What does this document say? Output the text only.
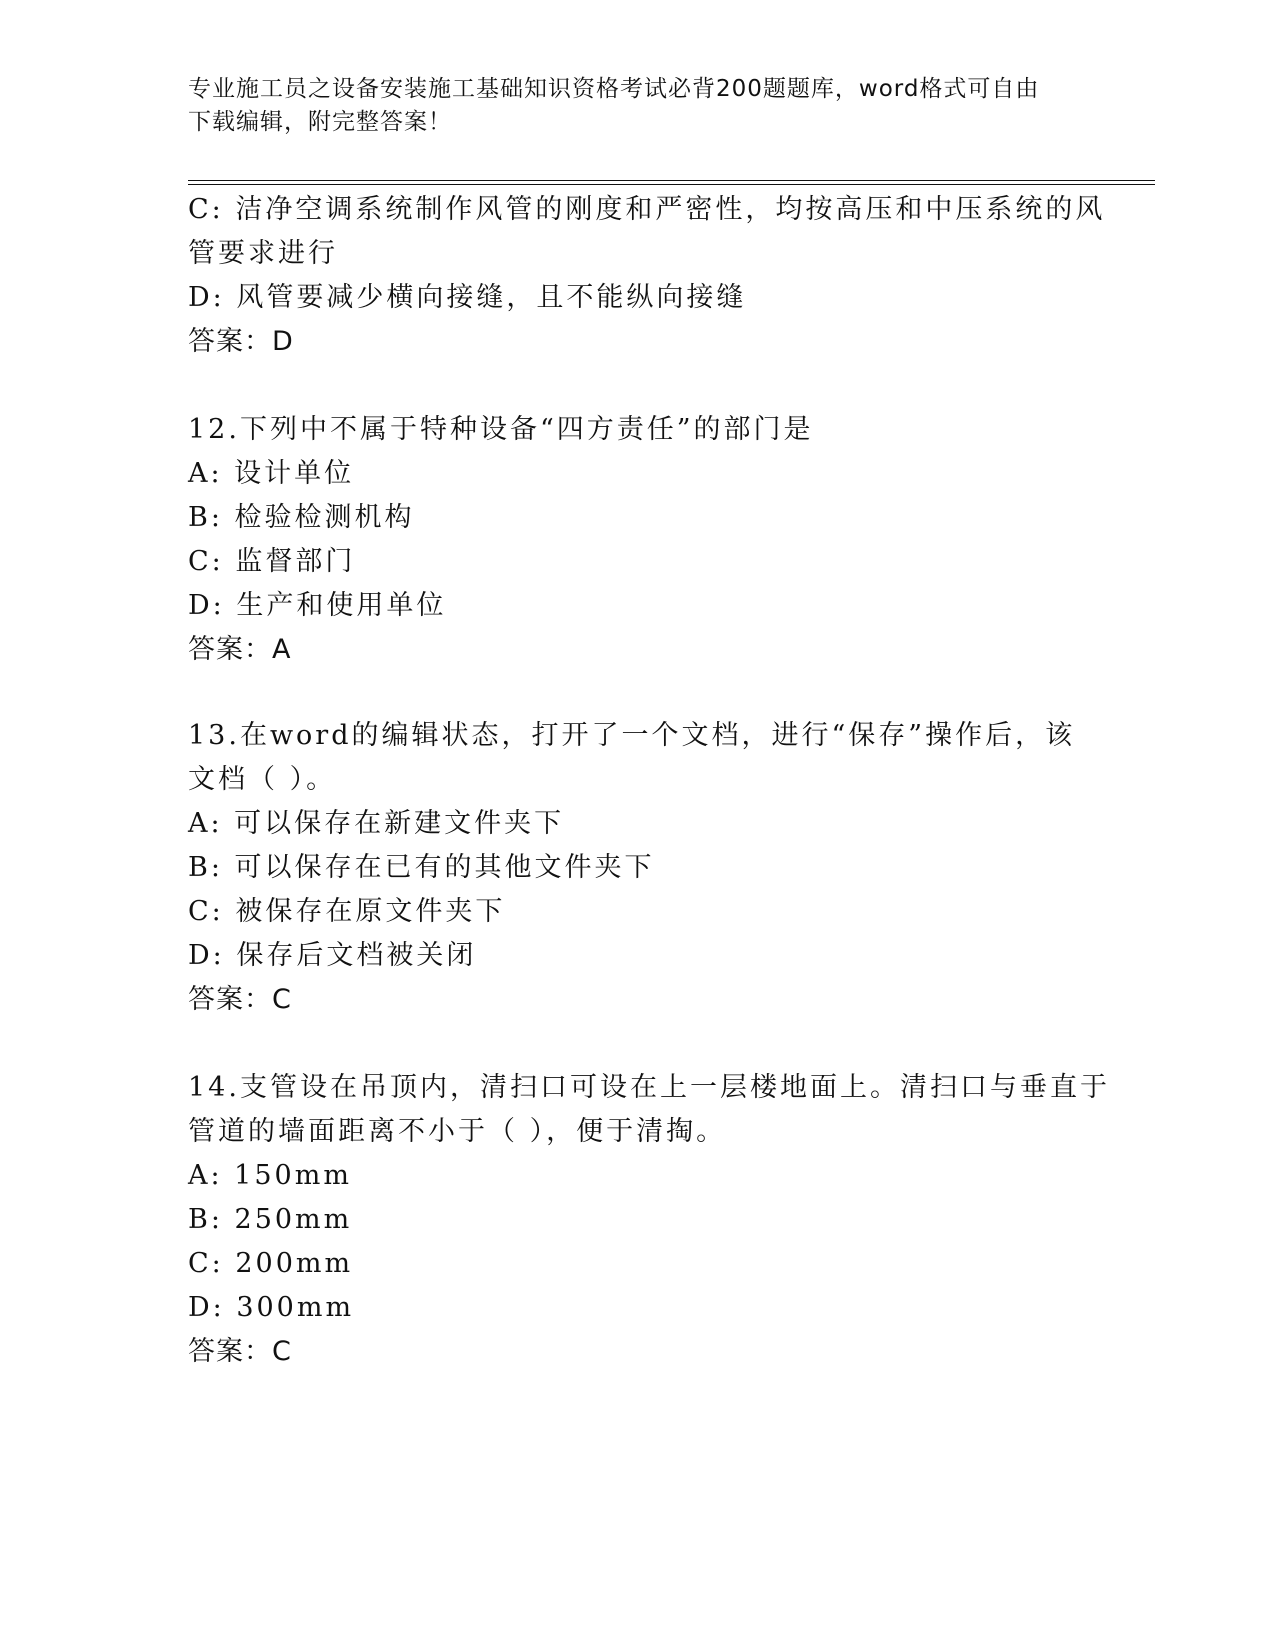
专业施工员之设备安装施工基础知识资格考试必背200题题库，word格式可自由
下载编辑，附完整答案！
C: 洁净空调系统制作风管的刚度和严密性，均按高压和中压系统的风
管要求进行
D: 风管要减少横向接缝，且不能纵向接缝
答案：D
12.下列中不属于特种设备“四方责任”的部门是
A: 设计单位
B: 检验检测机构
C: 监督部门
D: 生产和使用单位
答案：A
13.在word的编辑状态，打开了一个文档，进行“保存”操作后，该
文档（ ）。
A: 可以保存在新建文件夹下
B: 可以保存在已有的其他文件夹下
C: 被保存在原文件夹下
D: 保存后文档被关闭
答案：C
14.支管设在吊顶内，清扫口可设在上一层楼地面上。清扫口与垂直于
管道的墙面距离不小于（ ），便于清掏。
A: 150mm
B: 250mm
C: 200mm
D: 300mm
答案：C
